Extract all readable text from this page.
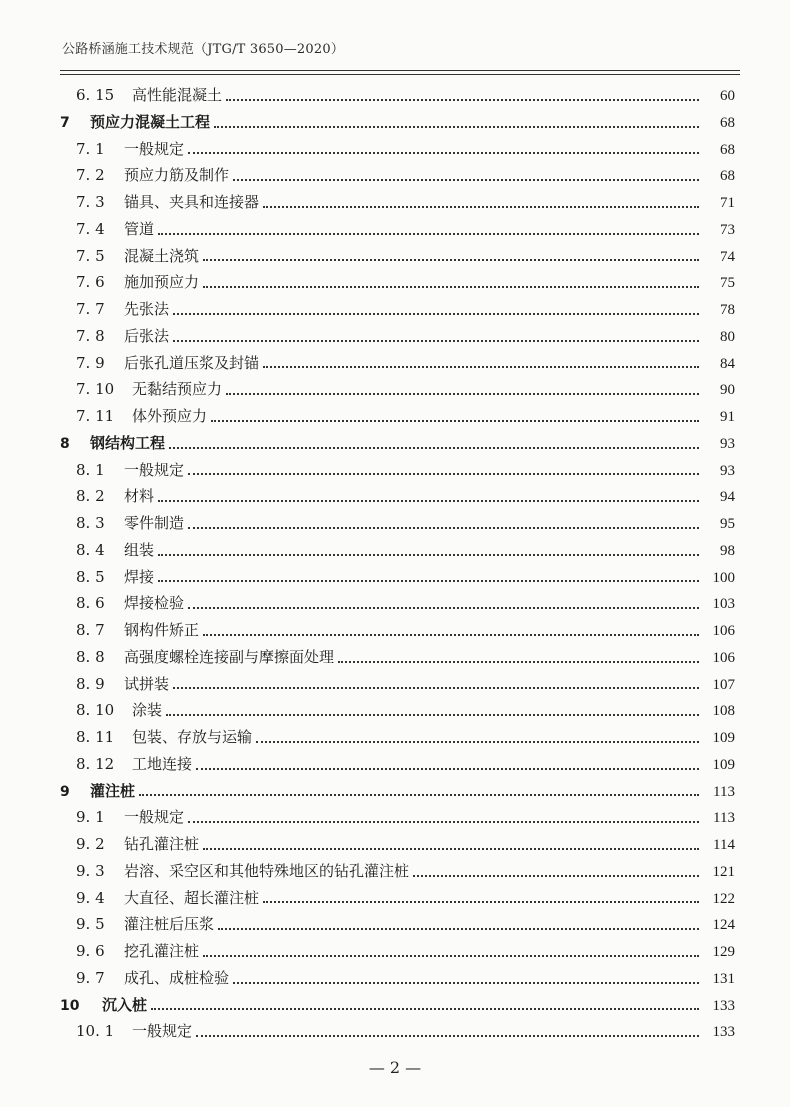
公路桥涵施工技术规范（JTG/T 3650—2020）
6. 15	高性能混凝土	60
7	预应力混凝土工程	68
7. 1	一般规定	68
7. 2	预应力筋及制作	68
7. 3	锚具、夹具和连接器	71
7. 4	管道	73
7. 5	混凝土浇筑	74
7. 6	施加预应力	75
7. 7	先张法	78
7. 8	后张法	80
7. 9	后张孔道压浆及封锚	84
7. 10	无黏结预应力	90
7. 11	体外预应力	91
8	钢结构工程	93
8. 1	一般规定	93
8. 2	材料	94
8. 3	零件制造	95
8. 4	组装	98
8. 5	焊接	100
8. 6	焊接检验	103
8. 7	钢构件矫正	106
8. 8	高强度螺栓连接副与摩擦面处理	106
8. 9	试拼装	107
8. 10	涂装	108
8. 11	包装、存放与运输	109
8. 12	工地连接	109
9	灌注桩	113
9. 1	一般规定	113
9. 2	钻孔灌注桩	114
9. 3	岩溶、采空区和其他特殊地区的钻孔灌注桩	121
9. 4	大直径、超长灌注桩	122
9. 5	灌注桩后压浆	124
9. 6	挖孔灌注桩	129
9. 7	成孔、成桩检验	131
10	沉入桩	133
10. 1	一般规定	133
— 2 —
